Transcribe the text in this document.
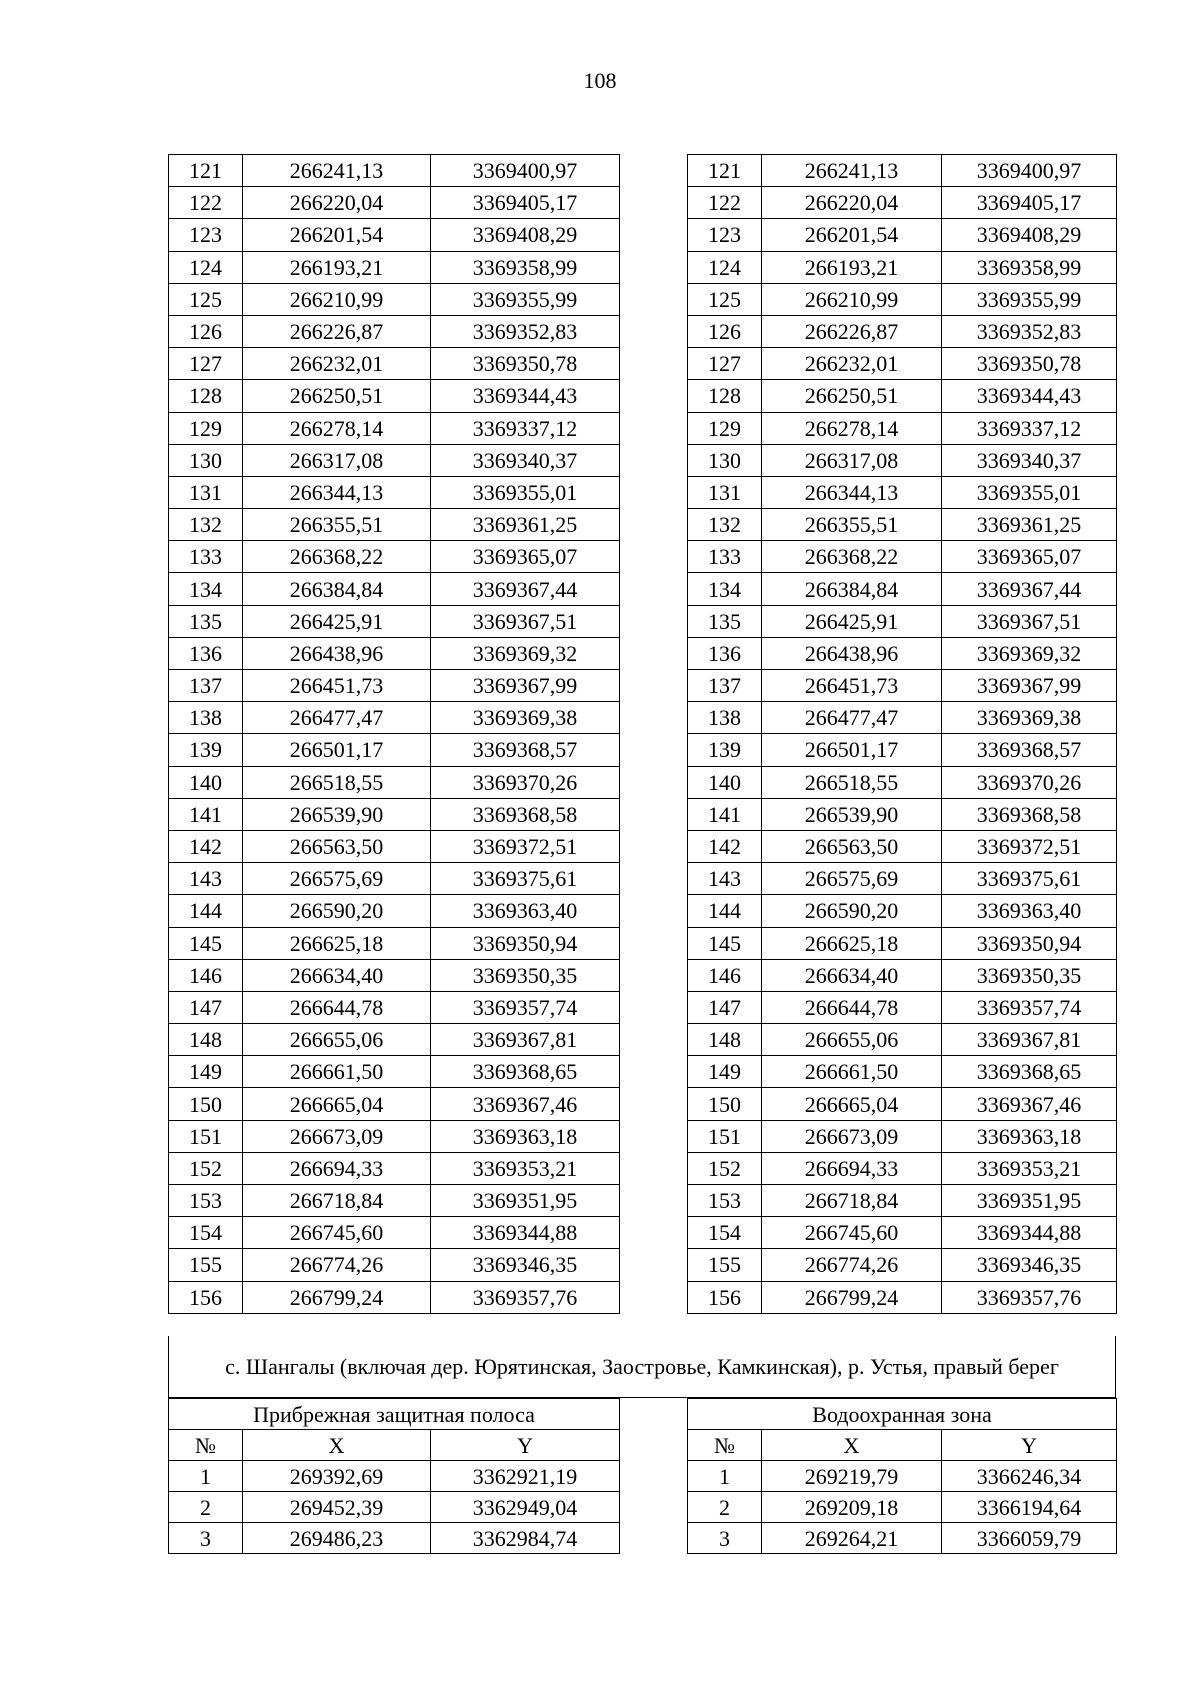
108
121	266241,13	3369400,97		121	266241,13	3369400,97
122	266220,04	3369405,17		122	266220,04	3369405,17
123	266201,54	3369408,29		123	266201,54	3369408,29
124	266193,21	3369358,99		124	266193,21	3369358,99
125	266210,99	3369355,99		125	266210,99	3369355,99
126	266226,87	3369352,83		126	266226,87	3369352,83
127	266232,01	3369350,78		127	266232,01	3369350,78
128	266250,51	3369344,43		128	266250,51	3369344,43
129	266278,14	3369337,12		129	266278,14	3369337,12
130	266317,08	3369340,37		130	266317,08	3369340,37
131	266344,13	3369355,01		131	266344,13	3369355,01
132	266355,51	3369361,25		132	266355,51	3369361,25
133	266368,22	3369365,07		133	266368,22	3369365,07
134	266384,84	3369367,44		134	266384,84	3369367,44
135	266425,91	3369367,51		135	266425,91	3369367,51
136	266438,96	3369369,32		136	266438,96	3369369,32
137	266451,73	3369367,99		137	266451,73	3369367,99
138	266477,47	3369369,38		138	266477,47	3369369,38
139	266501,17	3369368,57		139	266501,17	3369368,57
140	266518,55	3369370,26		140	266518,55	3369370,26
141	266539,90	3369368,58		141	266539,90	3369368,58
142	266563,50	3369372,51		142	266563,50	3369372,51
143	266575,69	3369375,61		143	266575,69	3369375,61
144	266590,20	3369363,40		144	266590,20	3369363,40
145	266625,18	3369350,94		145	266625,18	3369350,94
146	266634,40	3369350,35		146	266634,40	3369350,35
147	266644,78	3369357,74		147	266644,78	3369357,74
148	266655,06	3369367,81		148	266655,06	3369367,81
149	266661,50	3369368,65		149	266661,50	3369368,65
150	266665,04	3369367,46		150	266665,04	3369367,46
151	266673,09	3369363,18		151	266673,09	3369363,18
152	266694,33	3369353,21		152	266694,33	3369353,21
153	266718,84	3369351,95		153	266718,84	3369351,95
154	266745,60	3369344,88		154	266745,60	3369344,88
155	266774,26	3369346,35		155	266774,26	3369346,35
156	266799,24	3369357,76		156	266799,24	3369357,76
с. Шангалы (включая дер. Юрятинская, Заостровье, Камкинская), р. Устья, правый берег
Прибрежная защитная полоса		
№	X	Y
1	269392,69	3362921,19
2	269452,39	3362949,04
3	269486,23	3362984,74
Водоохранная зона		
№	X	Y
1	269219,79	3366246,34
2	269209,18	3366194,64
3	269264,21	3366059,79
